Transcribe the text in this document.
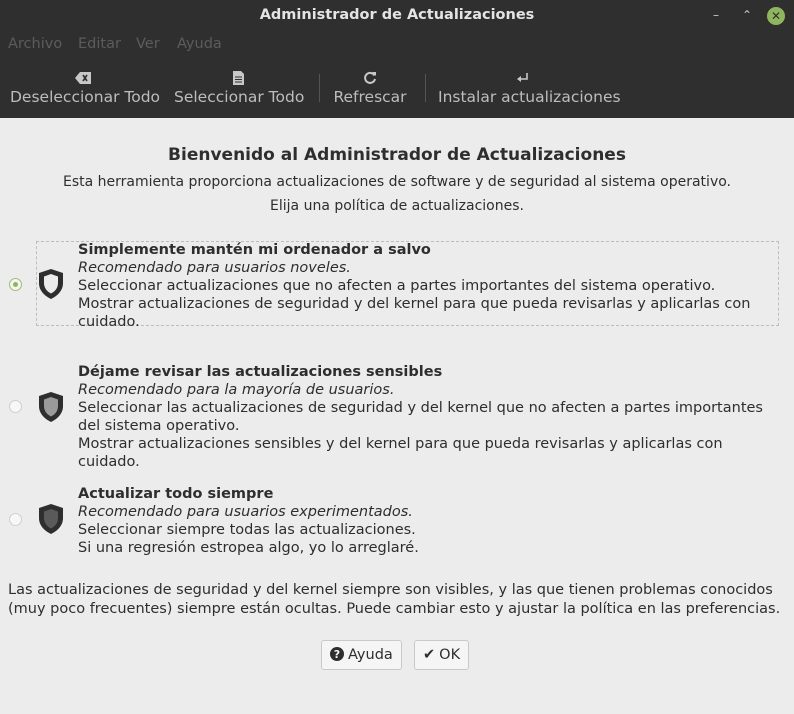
Administrador de Actualizaciones	–	⌃	✕
Archivo Editar Ver Ayuda
Deseleccionar Todo Seleccionar Todo Refrescar Instalar actualizaciones
Bienvenido al Administrador de Actualizaciones
Esta herramienta proporciona actualizaciones de software y de seguridad al sistema operativo.
Elija una política de actualizaciones.
Simplemente mantén mi ordenador a salvo
Recomendado para usuarios noveles.
Seleccionar actualizaciones que no afecten a partes importantes del sistema operativo.
Mostrar actualizaciones de seguridad y del kernel para que pueda revisarlas y aplicarlas con cuidado.
Déjame revisar las actualizaciones sensibles
Recomendado para la mayoría de usuarios.
Seleccionar las actualizaciones de seguridad y del kernel que no afecten a partes importantes del sistema operativo.
Mostrar actualizaciones sensibles y del kernel para que pueda revisarlas y aplicarlas con cuidado.
Actualizar todo siempre
Recomendado para usuarios experimentados.
Seleccionar siempre todas las actualizaciones.
Si una regresión estropea algo, yo lo arreglaré.
Las actualizaciones de seguridad y del kernel siempre son visibles, y las que tienen problemas conocidos (muy poco frecuentes) siempre están ocultas. Puede cambiar esto y ajustar la política en las preferencias.
? Ayuda	✔ OK
